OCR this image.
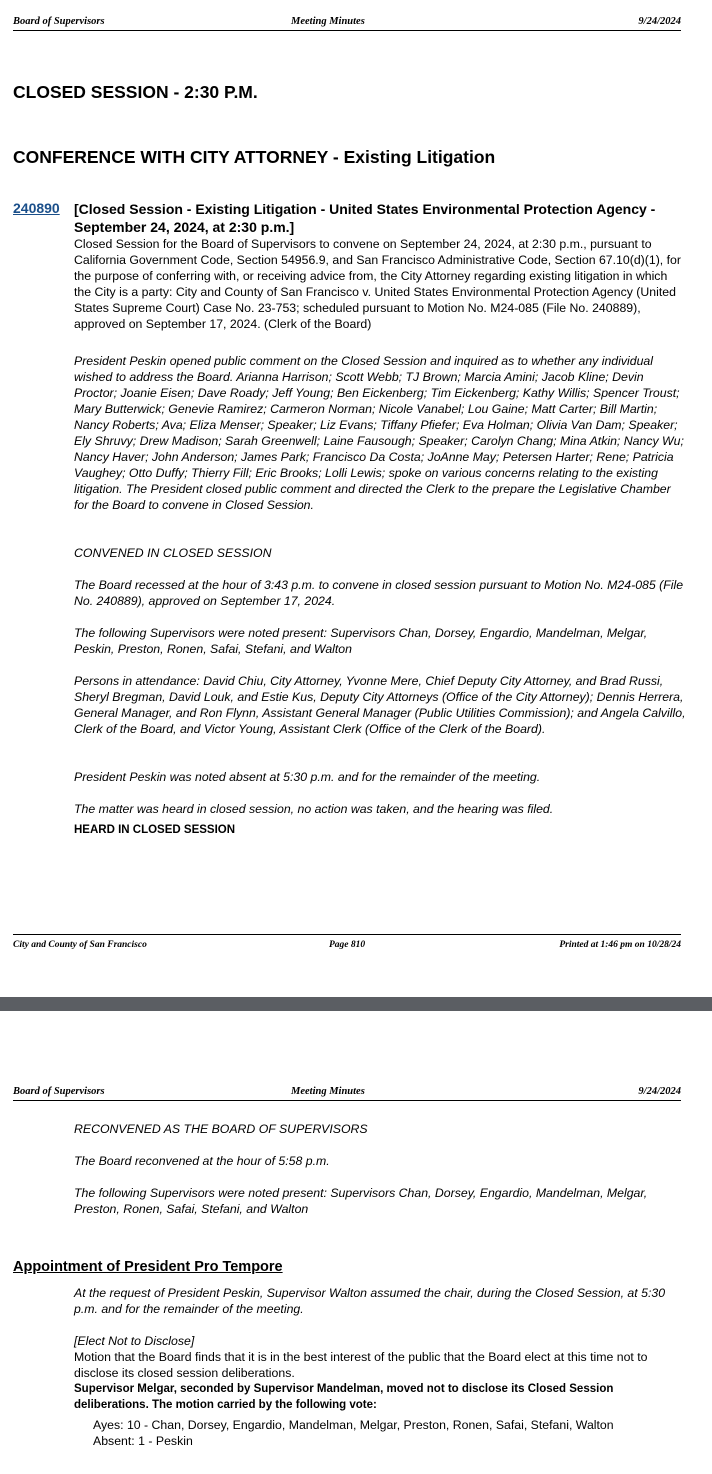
Board of Supervisors	Meeting Minutes	9/24/2024
CLOSED SESSION - 2:30 P.M.
CONFERENCE WITH CITY ATTORNEY - Existing Litigation
240890 [Closed Session - Existing Litigation - United States Environmental Protection Agency - September 24, 2024, at 2:30 p.m.]
Closed Session for the Board of Supervisors to convene on September 24, 2024, at 2:30 p.m., pursuant to California Government Code, Section 54956.9, and San Francisco Administrative Code, Section 67.10(d)(1), for the purpose of conferring with, or receiving advice from, the City Attorney regarding existing litigation in which the City is a party: City and County of San Francisco v. United States Environmental Protection Agency (United States Supreme Court) Case No. 23-753; scheduled pursuant to Motion No. M24-085 (File No. 240889), approved on September 17, 2024. (Clerk of the Board)
President Peskin opened public comment on the Closed Session and inquired as to whether any individual wished to address the Board. Arianna Harrison; Scott Webb; TJ Brown; Marcia Amini; Jacob Kline; Devin Proctor; Joanie Eisen; Dave Roady; Jeff Young; Ben Eickenberg; Tim Eickenberg; Kathy Willis; Spencer Troust; Mary Butterwick; Genevie Ramirez; Carmeron Norman; Nicole Vanabel; Lou Gaine; Matt Carter; Bill Martin; Nancy Roberts; Ava; Eliza Menser; Speaker; Liz Evans; Tiffany Pfiefer; Eva Holman; Olivia Van Dam; Speaker; Ely Shruvy; Drew Madison; Sarah Greenwell; Laine Fausough; Speaker; Carolyn Chang; Mina Atkin; Nancy Wu; Nancy Haver; John Anderson; James Park; Francisco Da Costa; JoAnne May; Petersen Harter; Rene; Patricia Vaughey; Otto Duffy; Thierry Fill; Eric Brooks; Lolli Lewis; spoke on various concerns relating to the existing litigation. The President closed public comment and directed the Clerk to the prepare the Legislative Chamber for the Board to convene in Closed Session.
CONVENED IN CLOSED SESSION
The Board recessed at the hour of 3:43 p.m. to convene in closed session pursuant to Motion No. M24-085 (File No. 240889), approved on September 17, 2024.
The following Supervisors were noted present: Supervisors Chan, Dorsey, Engardio, Mandelman, Melgar, Peskin, Preston, Ronen, Safai, Stefani, and Walton
Persons in attendance: David Chiu, City Attorney, Yvonne Mere, Chief Deputy City Attorney, and Brad Russi, Sheryl Bregman, David Louk, and Estie Kus, Deputy City Attorneys (Office of the City Attorney); Dennis Herrera, General Manager, and Ron Flynn, Assistant General Manager (Public Utilities Commission); and Angela Calvillo, Clerk of the Board, and Victor Young, Assistant Clerk (Office of the Clerk of the Board).
President Peskin was noted absent at 5:30 p.m. and for the remainder of the meeting.
The matter was heard in closed session, no action was taken, and the hearing was filed.
HEARD IN CLOSED SESSION
City and County of San Francisco	Page 810	Printed at 1:46 pm on 10/28/24
Board of Supervisors	Meeting Minutes	9/24/2024
RECONVENED AS THE BOARD OF SUPERVISORS
The Board reconvened at the hour of 5:58 p.m.
The following Supervisors were noted present: Supervisors Chan, Dorsey, Engardio, Mandelman, Melgar, Preston, Ronen, Safai, Stefani, and Walton
Appointment of President Pro Tempore
At the request of President Peskin, Supervisor Walton assumed the chair, during the Closed Session, at 5:30 p.m. and for the remainder of the meeting.
[Elect Not to Disclose]
Motion that the Board finds that it is in the best interest of the public that the Board elect at this time not to disclose its closed session deliberations.
Supervisor Melgar, seconded by Supervisor Mandelman, moved not to disclose its Closed Session deliberations. The motion carried by the following vote:
Ayes: 10 - Chan, Dorsey, Engardio, Mandelman, Melgar, Preston, Ronen, Safai, Stefani, Walton
Absent: 1 - Peskin
